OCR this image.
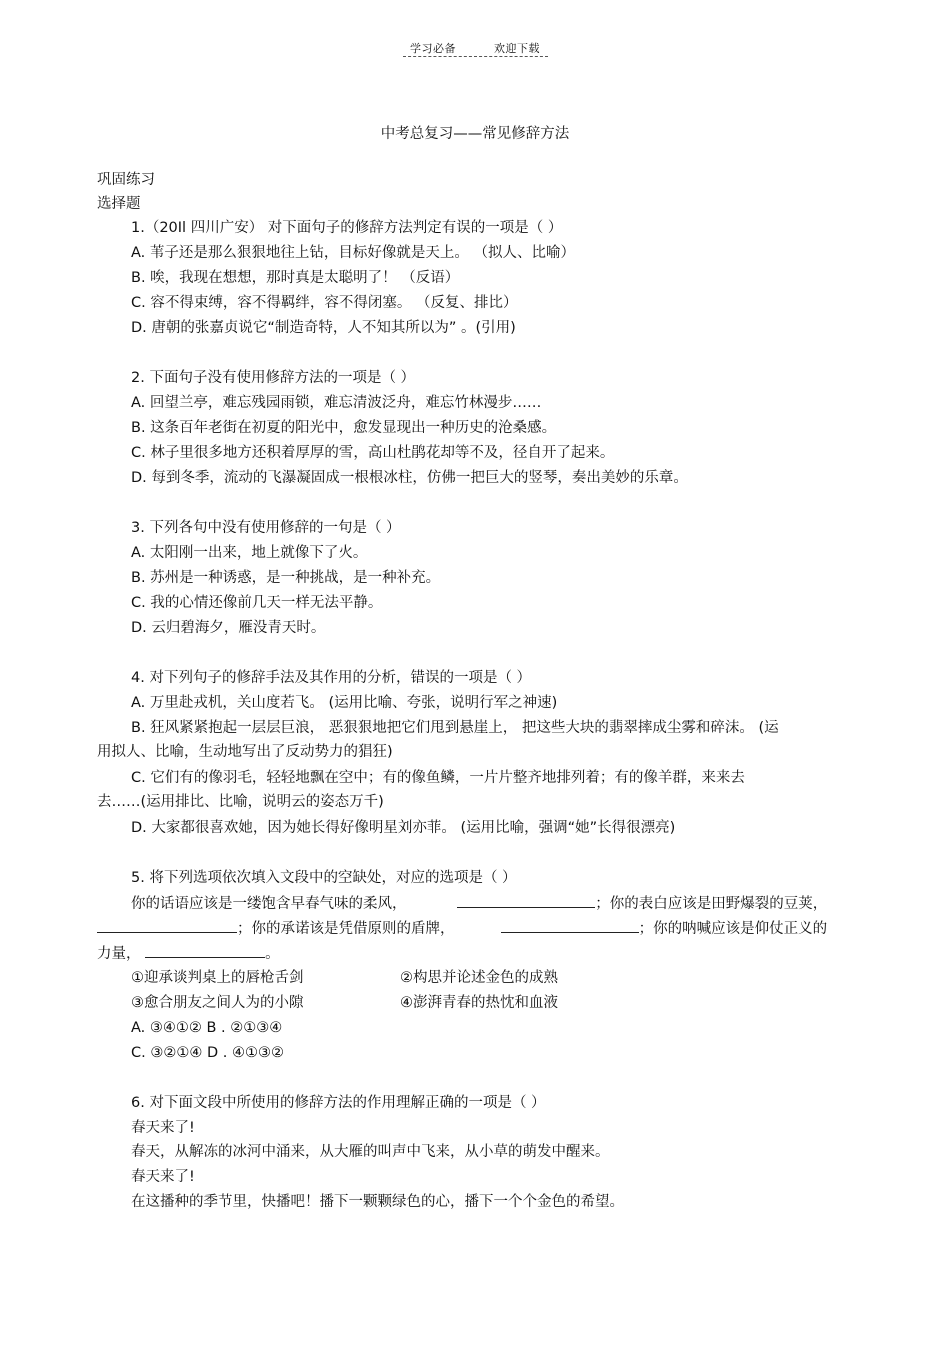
学习必备	欢迎下载
中考总复习——常见修辞方法
巩固练习
选择题
1.（20Il 四川广安） 对下面句子的修辞方法判定有误的一项是（ ）
A. 苇子还是那么狠狠地往上钻，目标好像就是天上。 （拟人、比喻）
B. 唉，我现在想想，那时真是太聪明了！ （反语）
C. 容不得束缚，容不得羁绊，容不得闭塞。 （反复、排比）
D. 唐朝的张嘉贞说它“制造奇特，人不知其所以为” 。(引用)
2. 下面句子没有使用修辞方法的一项是（ ）
A. 回望兰亭，难忘残园雨锁，难忘清波泛舟，难忘竹林漫步……
B. 这条百年老街在初夏的阳光中，愈发显现出一种历史的沧桑感。
C. 林子里很多地方还积着厚厚的雪，高山杜鹃花却等不及，径自开了起来。
D. 每到冬季，流动的飞瀑凝固成一根根冰柱，仿佛一把巨大的竖琴，奏出美妙的乐章。
3. 下列各句中没有使用修辞的一句是（ ）
A. 太阳刚一出来，地上就像下了火。
B. 苏州是一种诱惑，是一种挑战，是一种补充。
C. 我的心情还像前几天一样无法平静。
D. 云归碧海夕，雁没青天时。
4. 对下列句子的修辞手法及其作用的分析，错误的一项是（ ）
A. 万里赴戎机，关山度若飞。 (运用比喻、夸张，说明行军之神速)
B. 狂风紧紧抱起一层层巨浪， 恶狠狠地把它们甩到悬崖上， 把这些大块的翡翠摔成尘雾和碎沫。 (运
用拟人、比喻，生动地写出了反动势力的猖狂)
C. 它们有的像羽毛，轻轻地飘在空中；有的像鱼鳞，一片片整齐地排列着；有的像羊群，来来去
去……(运用排比、比喻，说明云的姿态万千)
D. 大家都很喜欢她，因为她长得好像明星刘亦菲。 (运用比喻，强调“她”长得很漂亮)
5. 将下列选项依次填入文段中的空缺处，对应的选项是（ ）
你的话语应该是一缕饱含早春气味的柔风，	；你的表白应该是田野爆裂的豆荚，
；你的承诺该是凭借原则的盾牌，	；你的呐喊应该是仰仗正义的
力量，	。
①迎承谈判桌上的唇枪舌剑	②构思并论述金色的成熟
③愈合朋友之间人为的小隙	④澎湃青春的热忱和血液
A. ③④①② B . ②①③④
C. ③②①④ D . ④①③②
6. 对下面文段中所使用的修辞方法的作用理解正确的一项是（ ）
春天来了!
春天，从解冻的冰河中涌来，从大雁的叫声中飞来，从小草的萌发中醒来。
春天来了!
在这播种的季节里，快播吧！播下一颗颗绿色的心，播下一个个金色的希望。
